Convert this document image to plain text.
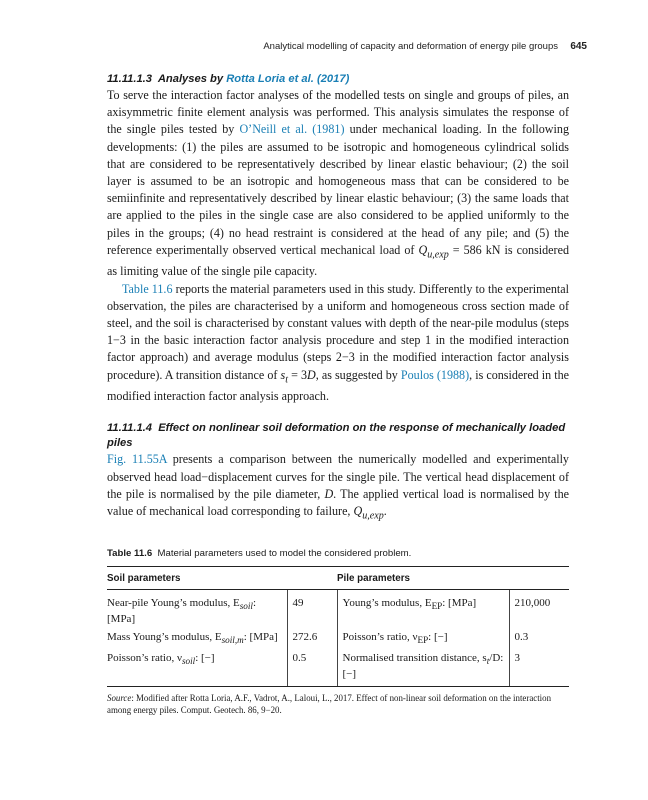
Analytical modelling of capacity and deformation of energy pile groups 645
11.11.1.3 Analyses by Rotta Loria et al. (2017)

To serve the interaction factor analyses of the modelled tests on single and groups of piles, an axisymmetric finite element analysis was performed. This analysis simulates the response of the single piles tested by O’Neill et al. (1981) under mechanical loading. In the following developments: (1) the piles are assumed to be isotropic and homogeneous cylindrical solids that are considered to be representatively described by linear elastic behaviour; (2) the soil layer is assumed to be an isotropic and homogeneous mass that can be considered to be semiinfinite and representatively described by linear elastic behaviour; (3) the same loads that are applied to the piles in the single case are also considered to be applied uniformly to the piles in the groups; (4) no head restraint is considered at the head of any pile; and (5) the reference experimentally observed vertical mechanical load of $Q_{u,exp} = 586$ kN is considered as limiting value of the single pile capacity.

Table 11.6 reports the material parameters used in this study. Differently to the experimental observation, the piles are characterised by a uniform and homogeneous cross section made of steel, and the soil is characterised by constant values with depth of the near-pile modulus (steps 1−3 in the basic interaction factor analysis procedure and step 1 in the modified interaction factor approach) and average modulus (steps 2−3 in the modified interaction factor analysis procedure). A transition distance of $s_t = 3D$, as suggested by Poulos (1988), is considered in the modified interaction factor analysis approach.

11.11.1.4 Effect on nonlinear soil deformation on the response of mechanically loaded piles

Fig. 11.55A presents a comparison between the numerically modelled and experimentally observed head load−displacement curves for the single pile. The vertical head displacement of the pile is normalised by the pile diameter, D. The applied vertical load is normalised by the value of mechanical load corresponding to failure, $Q_{u,exp}$.

Table 11.6 Material parameters used to model the considered problem.
Soil parameters		Pile parameters	
Near-pile Young’s modulus, $E_{soil}$: [MPa]	49	Young’s modulus, $E_{EP}$: [MPa]	210,000
Mass Young’s modulus, $E_{soil,m}$: [MPa]	272.6	Poisson’s ratio, $\nu_{EP}$: [−]	0.3
Poisson’s ratio, $\nu_{soil}$: [−]	0.5	Normalised transition distance, $s_t/D$: [−]	3
Source: Modified after Rotta Loria, A.F., Vadrot, A., Laloui, L., 2017. Effect of non-linear soil deformation on the interaction among energy piles. Comput. Geotech. 86, 9−20.
